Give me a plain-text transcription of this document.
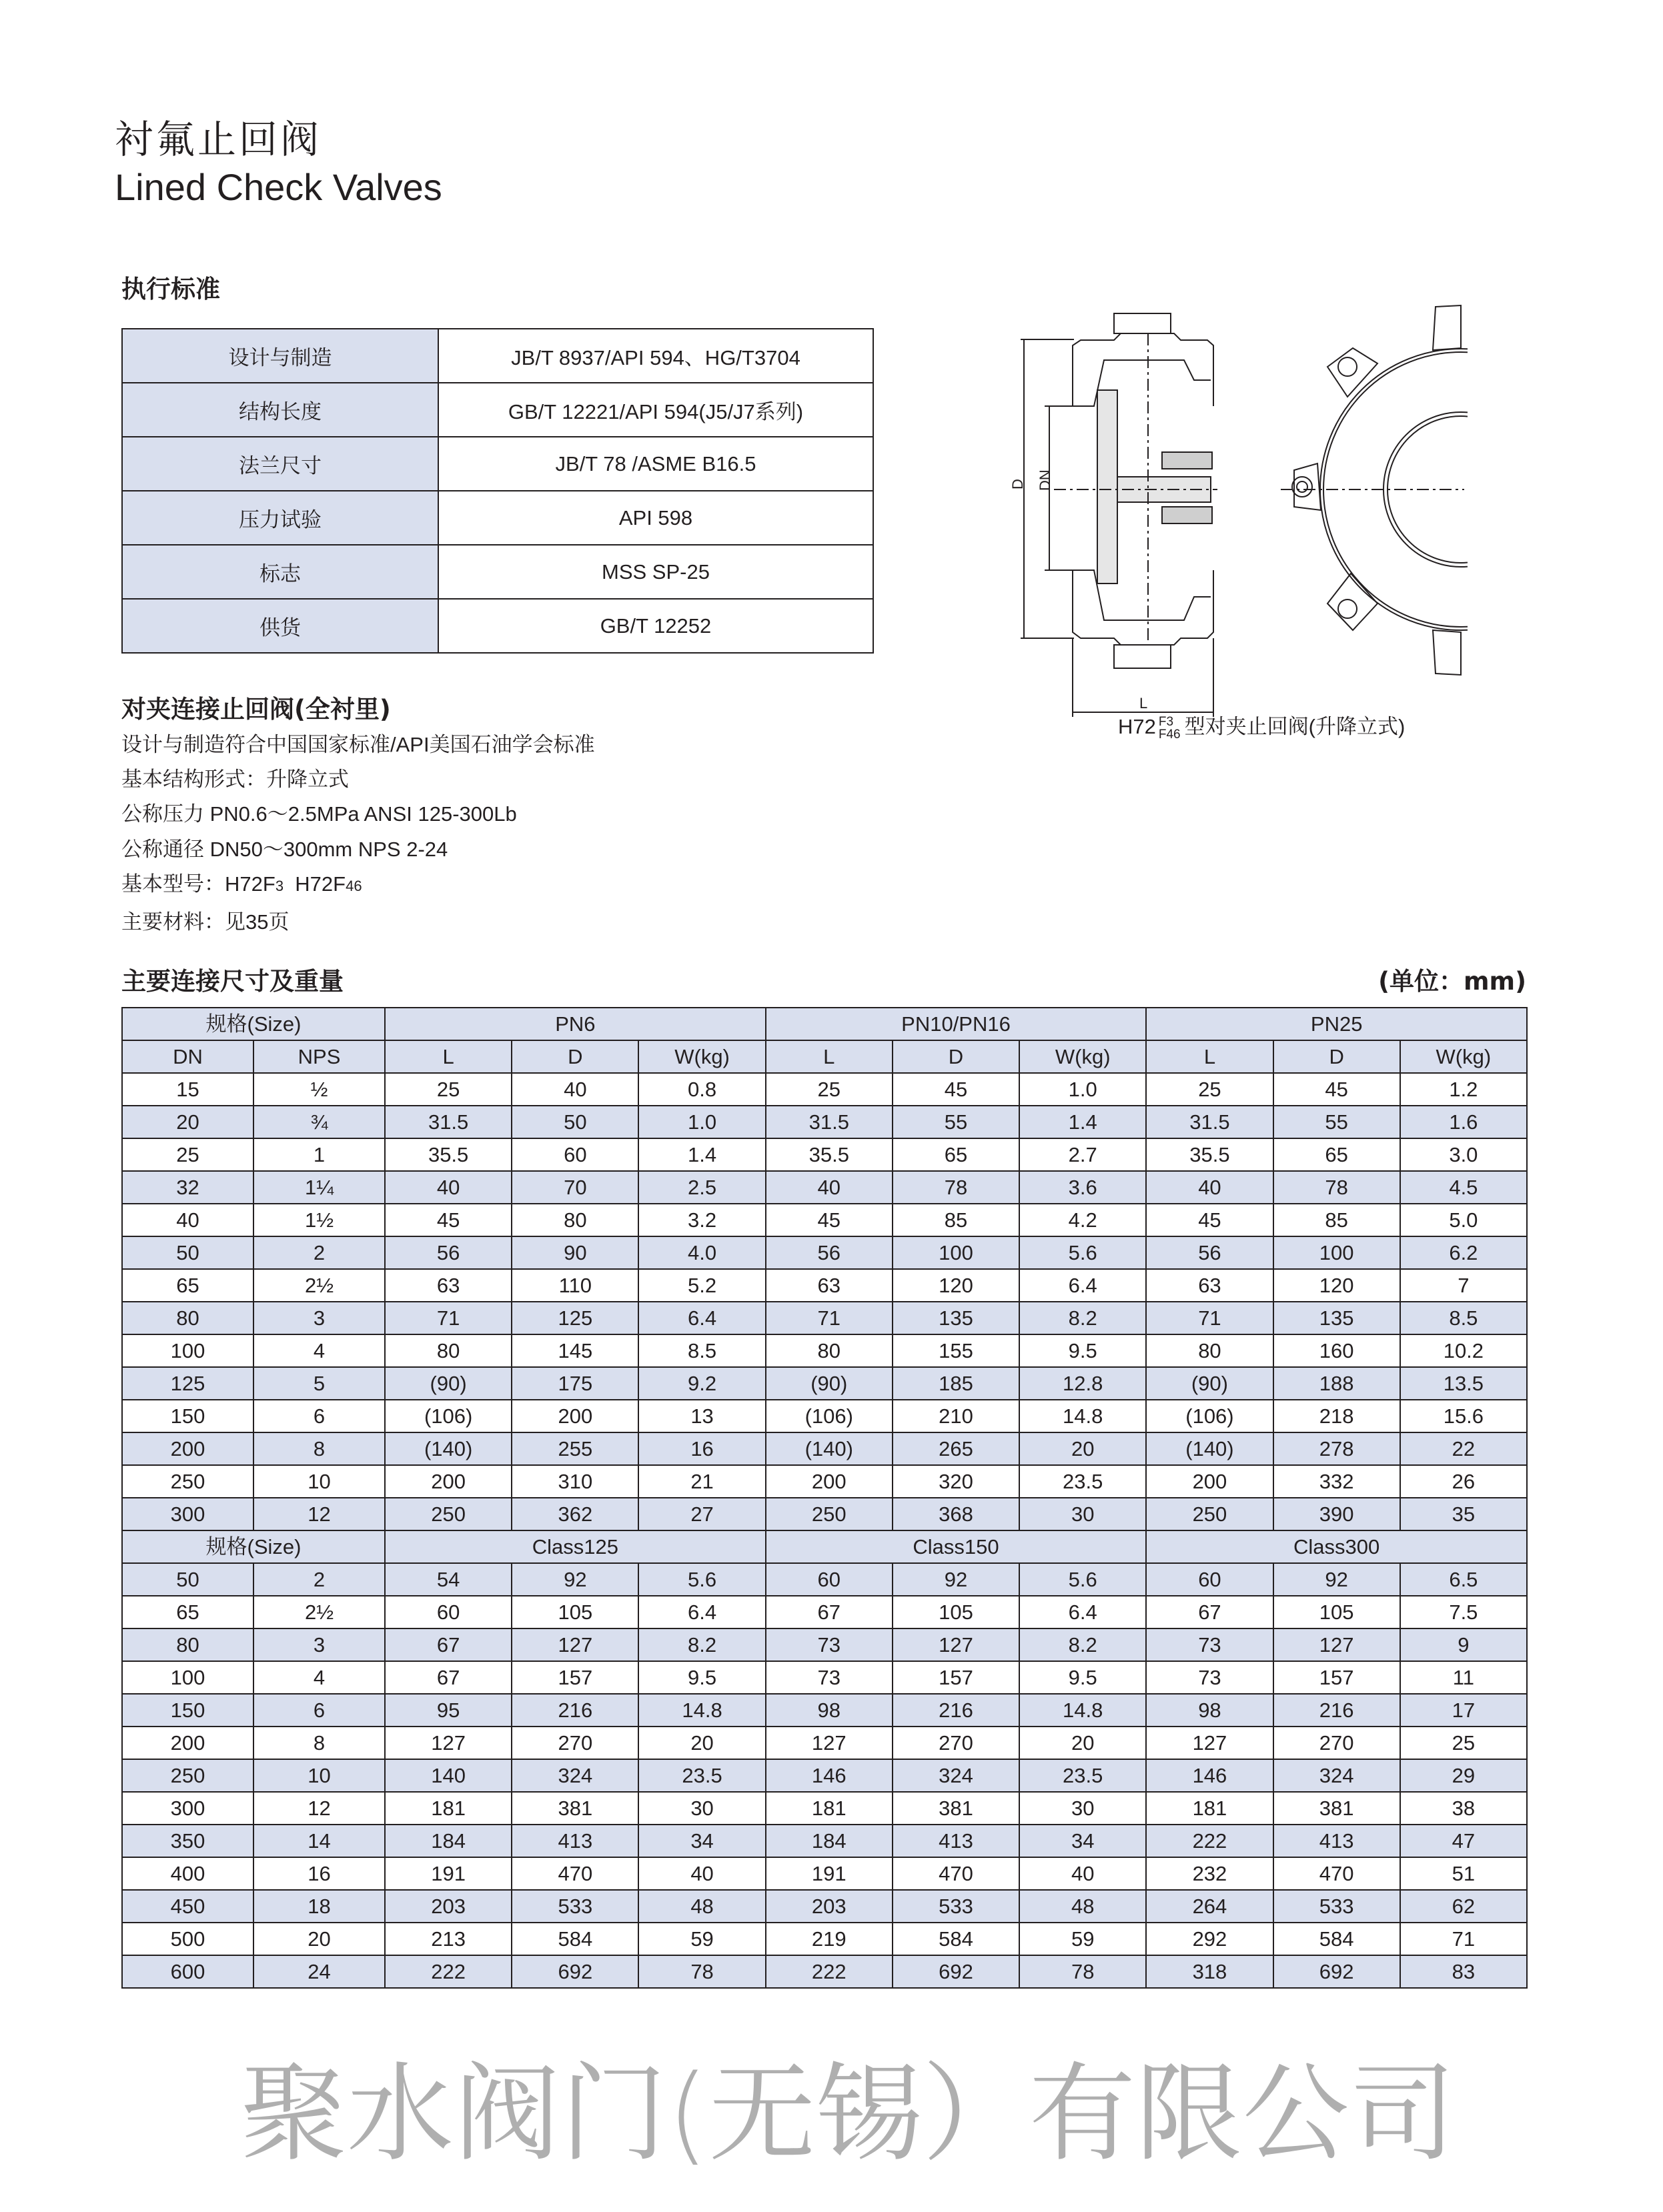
衬氟止回阀
Lined Check Valves
执行标准
设计与制造	JB/T 8937/API 594、HG/T3704
结构长度	GB/T 12221/API 594(J5/J7系列)
法兰尺寸	JB/T 78 /ASME B16.5
压力试验	API 598
标志	MSS SP-25
供货	GB/T 12252
对夹连接止回阀(全衬里)
设计与制造符合中国国家标准/API美国石油学会标准
基本结构形式：升降立式
公称压力 PN0.6～2.5MPa ANSI 125-300Lb
公称通径 DN50～300mm NPS 2-24
基本型号：H72F3  H72F46
主要材料：见35页
D DN
L
H72 F3
F46 型对夹止回阀(升降立式)
主要连接尺寸及重量	(单位：mm)
规格(Size)		PN6			PN10/PN16			PN25		
DN	NPS	L	D	W(kg)	L	D	W(kg)	L	D	W(kg)
15	½	25	40	0.8	25	45	1.0	25	45	1.2
20	¾	31.5	50	1.0	31.5	55	1.4	31.5	55	1.6
25	1	35.5	60	1.4	35.5	65	2.7	35.5	65	3.0
32	1¼	40	70	2.5	40	78	3.6	40	78	4.5
40	1½	45	80	3.2	45	85	4.2	45	85	5.0
50	2	56	90	4.0	56	100	5.6	56	100	6.2
65	2½	63	110	5.2	63	120	6.4	63	120	7
80	3	71	125	6.4	71	135	8.2	71	135	8.5
100	4	80	145	8.5	80	155	9.5	80	160	10.2
125	5	(90)	175	9.2	(90)	185	12.8	(90)	188	13.5
150	6	(106)	200	13	(106)	210	14.8	(106)	218	15.6
200	8	(140)	255	16	(140)	265	20	(140)	278	22
250	10	200	310	21	200	320	23.5	200	332	26
300	12	250	362	27	250	368	30	250	390	35
规格(Size)		Class125			Class150			Class300		
50	2	54	92	5.6	60	92	5.6	60	92	6.5
65	2½	60	105	6.4	67	105	6.4	67	105	7.5
80	3	67	127	8.2	73	127	8.2	73	127	9
100	4	67	157	9.5	73	157	9.5	73	157	11
150	6	95	216	14.8	98	216	14.8	98	216	17
200	8	127	270	20	127	270	20	127	270	25
250	10	140	324	23.5	146	324	23.5	146	324	29
300	12	181	381	30	181	381	30	181	381	38
350	14	184	413	34	184	413	34	222	413	47
400	16	191	470	40	191	470	40	232	470	51
450	18	203	533	48	203	533	48	264	533	62
500	20	213	584	59	219	584	59	292	584	71
600	24	222	692	78	222	692	78	318	692	83
聚水阀门(无锡）有限公司
